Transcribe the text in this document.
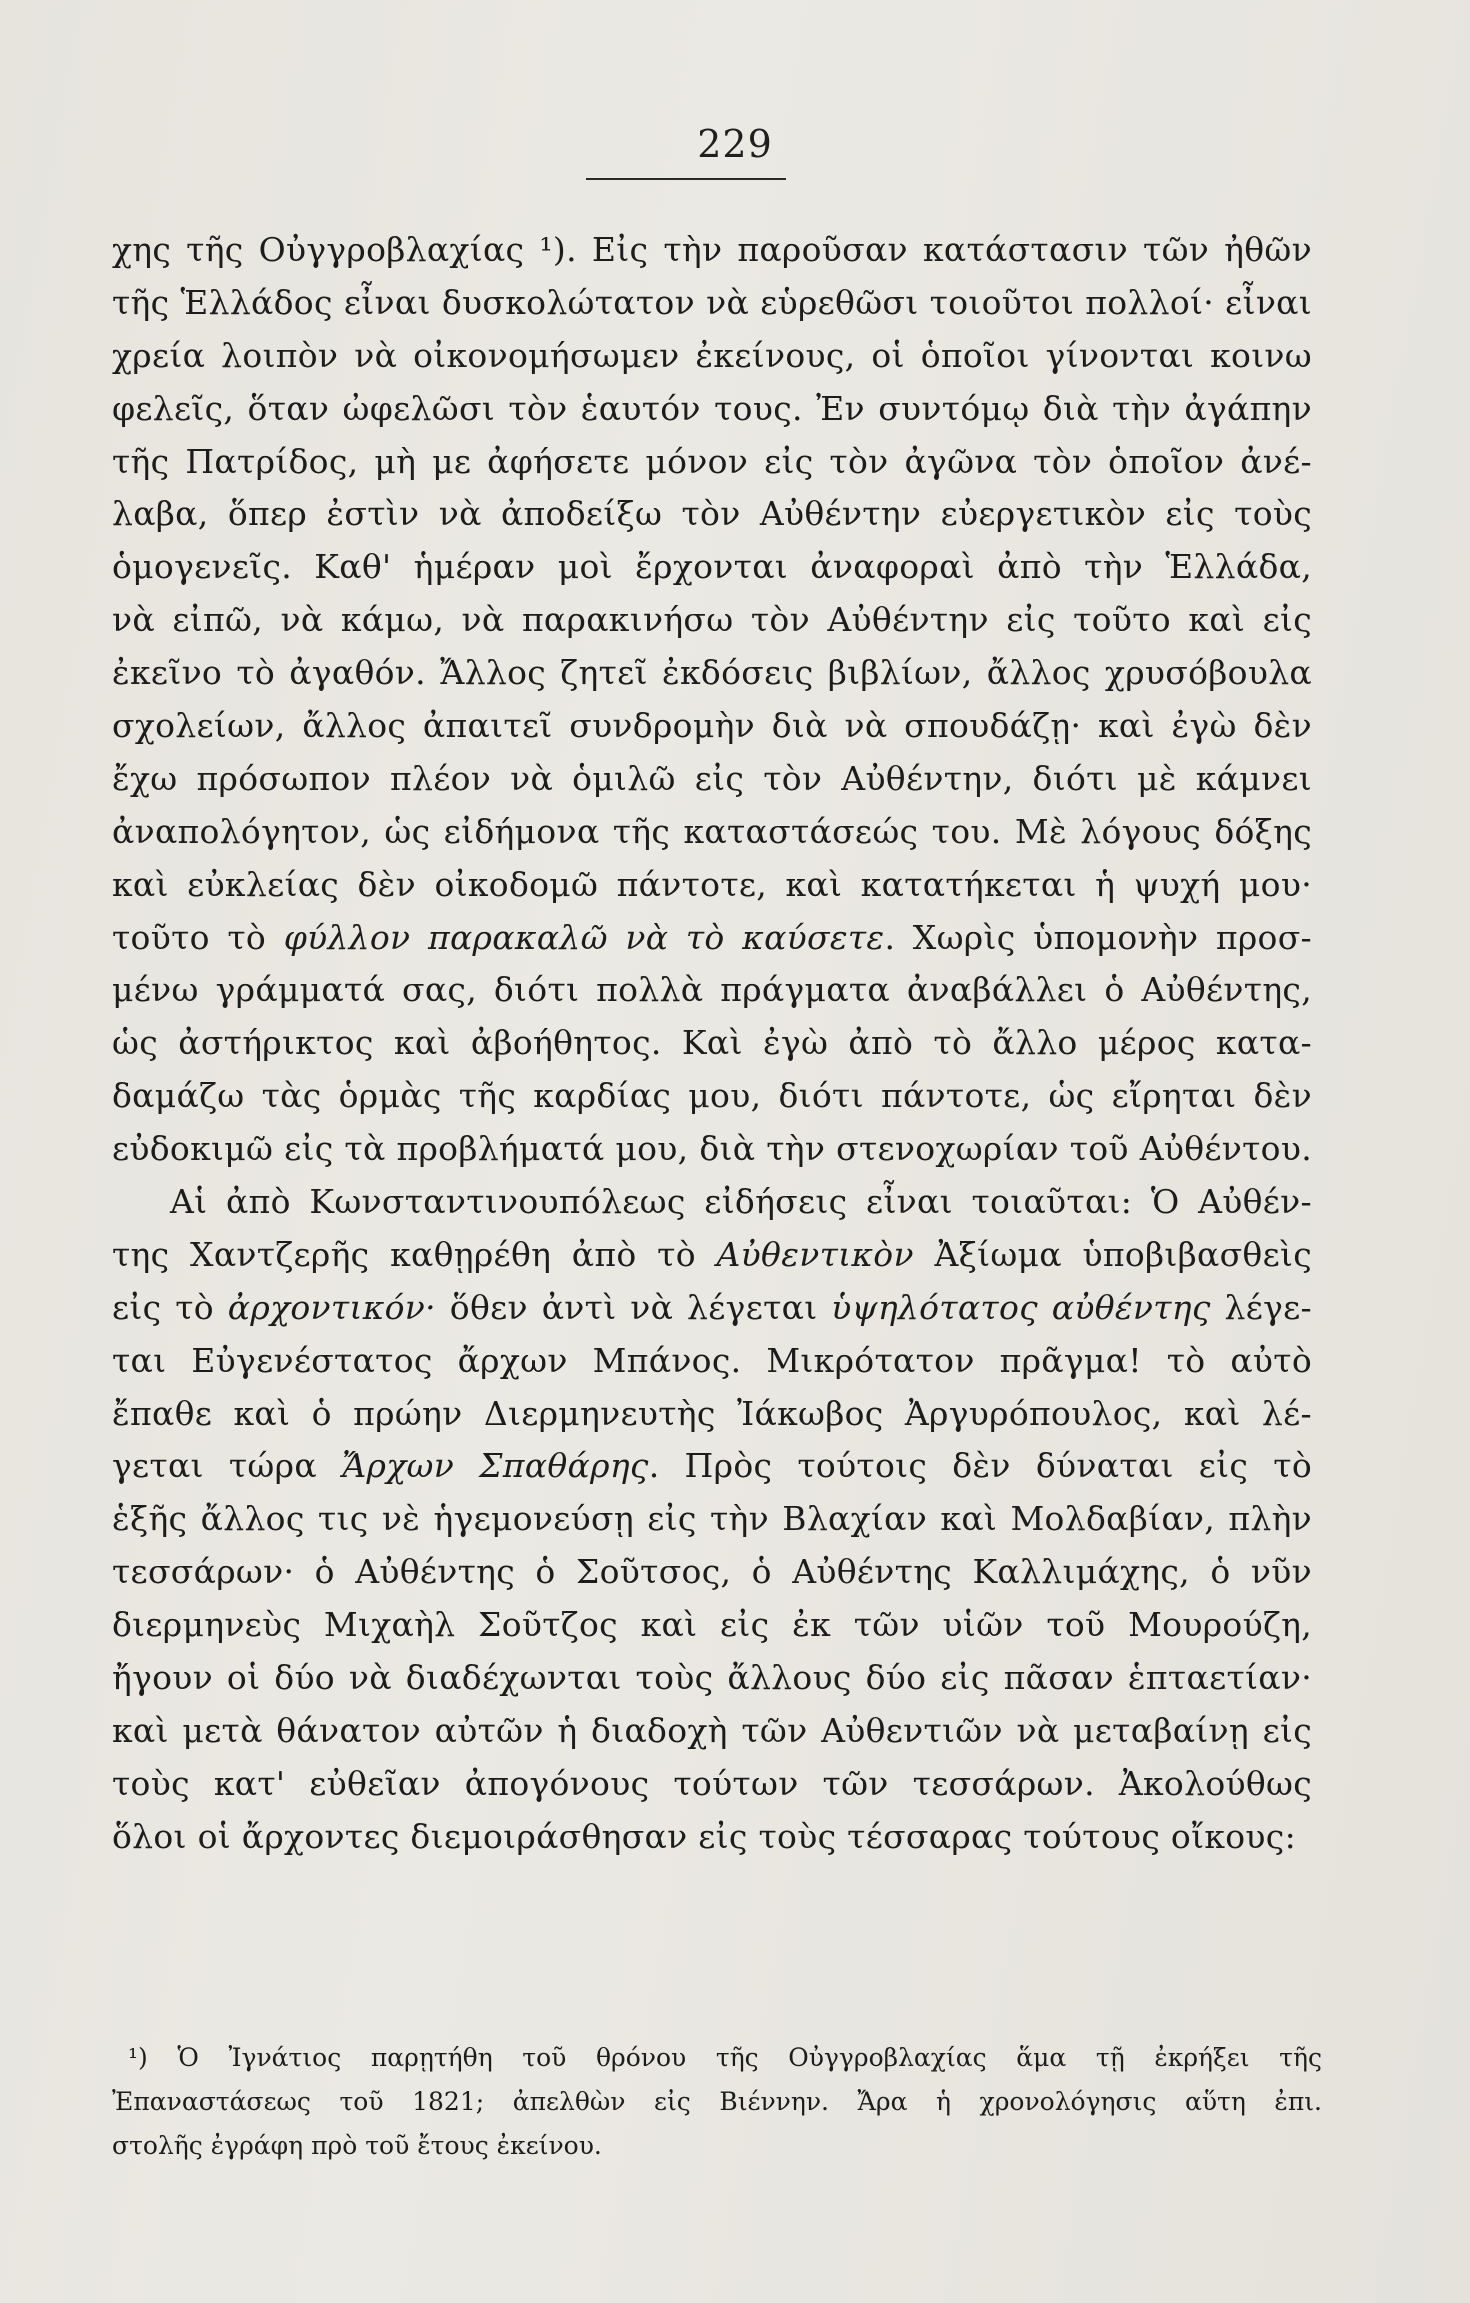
229
χης τῆς Οὐγγροβλαχίας ¹). Εἰς τὴν παροῦσαν κατάστασιν τῶν ἠθῶν
τῆς Ἑλλάδος εἶναι δυσκολώτατον νὰ εὑρεθῶσι τοιοῦτοι πολλοί· εἶναι
χρεία λοιπὸν νὰ οἰκονομήσωμεν ἐκείνους, οἱ ὁποῖοι γίνονται κοινω
φελεῖς, ὅταν ὠφελῶσι τὸν ἑαυτόν τους. Ἐν συντόμῳ διὰ τὴν ἀγάπην
τῆς Πατρίδος, μὴ με ἀφήσετε μόνον εἰς τὸν ἀγῶνα τὸν ὁποῖον ἀνέ-
λαβα, ὅπερ ἐστὶν νὰ ἀποδείξω τὸν Αὐθέντην εὐεργετικὸν εἰς τοὺς
ὁμογενεῖς. Καθ' ἡμέραν μοὶ ἔρχονται ἀναφοραὶ ἀπὸ τὴν Ἑλλάδα,
νὰ εἰπῶ, νὰ κάμω, νὰ παρακινήσω τὸν Αὐθέντην εἰς τοῦτο καὶ εἰς
ἐκεῖνο τὸ ἀγαθόν. Ἄλλος ζητεῖ ἐκδόσεις βιβλίων, ἄλλος χρυσόβουλα
σχολείων, ἄλλος ἀπαιτεῖ συνδρομὴν διὰ νὰ σπουδάζῃ· καὶ ἐγὼ δὲν
ἔχω πρόσωπον πλέον νὰ ὁμιλῶ εἰς τὸν Αὐθέντην, διότι μὲ κάμνει
ἀναπολόγητον, ὡς εἰδήμονα τῆς καταστάσεώς του. Μὲ λόγους δόξης
καὶ εὐκλείας δὲν οἰκοδομῶ πάντοτε, καὶ κατατήκεται ἡ ψυχή μου·
τοῦτο τὸ φύλλον παρακαλῶ νὰ τὸ καύσετε. Χωρὶς ὑπομονὴν προσ-
μένω γράμματά σας, διότι πολλὰ πράγματα ἀναβάλλει ὁ Αὐθέντης,
ὡς ἀστήρικτος καὶ ἀβοήθητος. Καὶ ἐγὼ ἀπὸ τὸ ἄλλο μέρος κατα-
δαμάζω τὰς ὁρμὰς τῆς καρδίας μου, διότι πάντοτε, ὡς εἴρηται δὲν
εὐδοκιμῶ εἰς τὰ προβλήματά μου, διὰ τὴν στενοχωρίαν τοῦ Αὐθέντου.
Αἱ ἀπὸ Κωνσταντινουπόλεως εἰδήσεις εἶναι τοιαῦται: Ὁ Αὐθέν-
της Χαντζερῆς καθῃρέθη ἀπὸ τὸ Αὐθεντικὸν Ἀξίωμα ὑποβιβασθεὶς
εἰς τὸ ἀρχοντικόν· ὅθεν ἀντὶ νὰ λέγεται ὑψηλότατος αὐθέντης λέγε-
ται Εὐγενέστατος ἄρχων Μπάνος. Μικρότατον πρᾶγμα! τὸ αὐτὸ
ἔπαθε καὶ ὁ πρώην Διερμηνευτὴς Ἰάκωβος Ἀργυρόπουλος, καὶ λέ-
γεται τώρα Ἄρχων Σπαθάρης. Πρὸς τούτοις δὲν δύναται εἰς τὸ
ἑξῆς ἄλλος τις νὲ ἡγεμονεύσῃ εἰς τὴν Βλαχίαν καὶ Μολδαβίαν, πλὴν
τεσσάρων· ὁ Αὐθέντης ὁ Σοῦτσος, ὁ Αὐθέντης Καλλιμάχης, ὁ νῦν
διερμηνεὺς Μιχαὴλ Σοῦτζος καὶ εἰς ἐκ τῶν υἱῶν τοῦ Μουρούζη,
ἤγουν οἱ δύο νὰ διαδέχωνται τοὺς ἄλλους δύο εἰς πᾶσαν ἑπταετίαν·
καὶ μετὰ θάνατον αὐτῶν ἡ διαδοχὴ τῶν Αὐθεντιῶν νὰ μεταβαίνῃ εἰς
τοὺς κατ' εὐθεῖαν ἀπογόνους τούτων τῶν τεσσάρων. Ἀκολούθως
ὅλοι οἱ ἄρχοντες διεμοιράσθησαν εἰς τοὺς τέσσαρας τούτους οἴκους:
¹) Ὁ Ἰγνάτιος παρῃτήθη τοῦ θρόνου τῆς Οὐγγροβλαχίας ἅμα τῇ ἐκρήξει τῆς
Ἐπαναστάσεως τοῦ 1821; ἀπελθὼν εἰς Βιέννην. Ἄρα ἡ χρονολόγησις αὕτη ἐπι.
στολῆς ἐγράφη πρὸ τοῦ ἔτους ἐκείνου.
